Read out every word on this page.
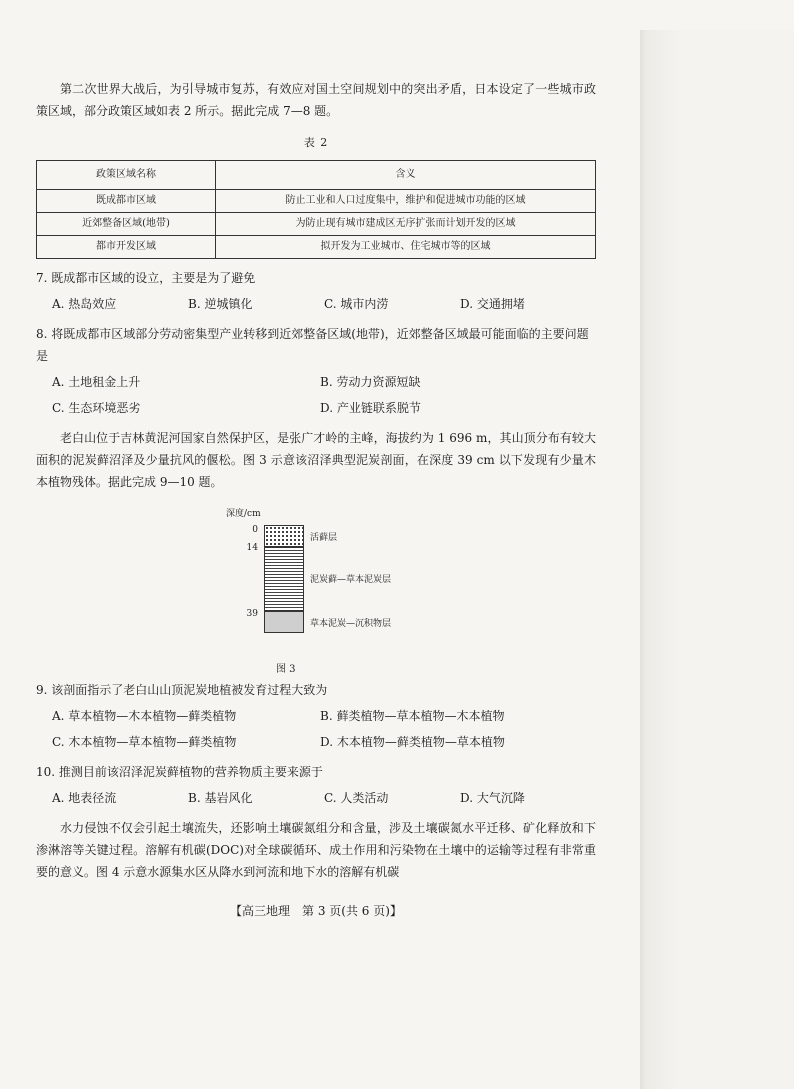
第二次世界大战后，为引导城市复苏，有效应对国土空间规划中的突出矛盾，日本设定了一些城市政策区域，部分政策区域如表 2 所示。据此完成 7—8 题。

表 2
政策区域名称	含义
既成都市区域	防止工业和人口过度集中，维护和促进城市功能的区域
近郊整备区域(地带)	为防止现有城市建成区无序扩张而计划开发的区域
都市开发区域	拟开发为工业城市、住宅城市等的区域

7. 既成都市区域的设立，主要是为了避免

A. 热岛效应	B. 逆城镇化	C. 城市内涝	D. 交通拥堵

8. 将既成都市区域部分劳动密集型产业转移到近郊整备区域(地带)，近郊整备区域最可能面临的主要问题是

A. 土地租金上升	B. 劳动力资源短缺
C. 生态环境恶劣	D. 产业链联系脱节

老白山位于吉林黄泥河国家自然保护区，是张广才岭的主峰，海拔约为 1 696 m，其山顶分布有较大面积的泥炭藓沼泽及少量抗风的偃松。图 3 示意该沼泽典型泥炭剖面，在深度 39 cm 以下发现有少量木本植物残体。据此完成 9—10 题。

深度/cm
0
14
39
活藓层
泥炭藓—草本泥炭层
草本泥炭—沉积物层
图 3

9. 该剖面指示了老白山山顶泥炭地植被发育过程大致为

A. 草本植物—木本植物—藓类植物	B. 藓类植物—草本植物—木本植物
C. 木本植物—草本植物—藓类植物	D. 木本植物—藓类植物—草本植物

10. 推测目前该沼泽泥炭藓植物的营养物质主要来源于

A. 地表径流	B. 基岩风化	C. 人类活动	D. 大气沉降

水力侵蚀不仅会引起土壤流失，还影响土壤碳氮组分和含量，涉及土壤碳氮水平迁移、矿化释放和下渗淋溶等关键过程。溶解有机碳(DOC)对全球碳循环、成土作用和污染物在土壤中的运输等过程有非常重要的意义。图 4 示意水源集水区从降水到河流和地下水的溶解有机碳

【高三地理　第 3 页(共 6 页)】
